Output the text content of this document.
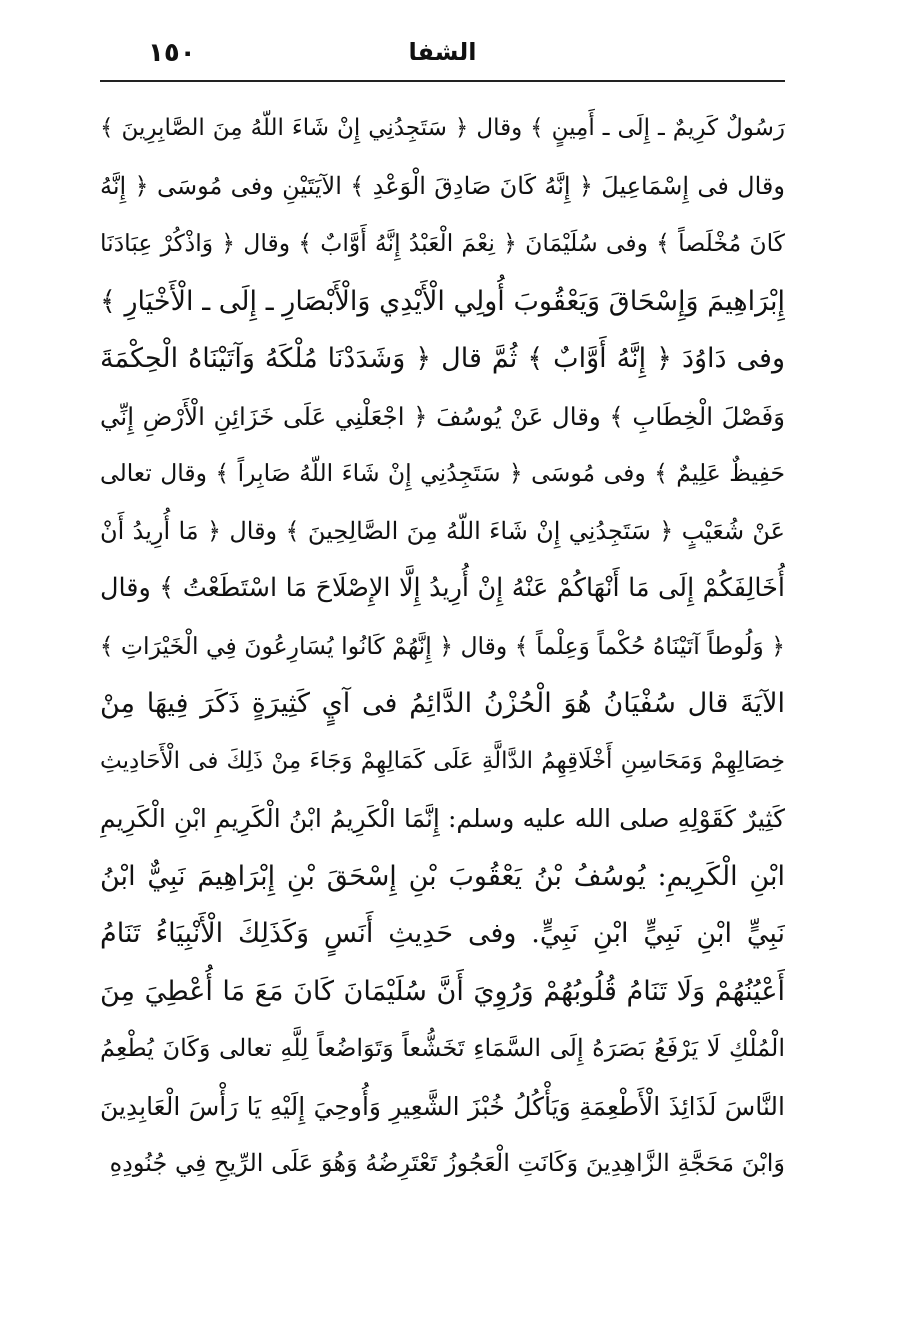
١٥٠	الشفا
رَسُولٌ كَرِيمٌ ـ إِلَى ـ أَمِينٍ ﴾ وقال ﴿ سَتَجِدُنِي إِنْ شَاءَ اللّهُ مِنَ الصَّابِرِينَ ﴾
وقال فى إِسْمَاعِيلَ ﴿ إِنَّهُ كَانَ صَادِقَ الْوَعْدِ ﴾ الآيَتَيْنِ وفى مُوسَى ﴿ إِنَّهُ
كَانَ مُخْلَصاً ﴾ وفى سُلَيْمَانَ ﴿ نِعْمَ الْعَبْدُ إِنَّهُ أَوَّابٌ ﴾ وقال ﴿ وَاذْكُرْ عِبَادَنَا
إِبْرَاهِيمَ وَإِسْحَاقَ وَيَعْقُوبَ أُولِي الْأَيْدِي وَالْأَبْصَارِ ـ إِلَى ـ الْأَخْيَارِ ﴾
وفى دَاوُدَ ﴿ إِنَّهُ أَوَّابٌ ﴾ ثُمَّ قال ﴿ وَشَدَدْنَا مُلْكَهُ وَآتَيْنَاهُ الْحِكْمَةَ
وَفَصْلَ الْخِطَابِ ﴾ وقال عَنْ يُوسُفَ ﴿ اجْعَلْنِي عَلَى خَزَائِنِ الْأَرْضِ إِنِّي
حَفِيظٌ عَلِيمٌ ﴾ وفى مُوسَى ﴿ سَتَجِدُنِي إِنْ شَاءَ اللّهُ صَابِراً ﴾ وقال تعالى
عَنْ شُعَيْبٍ ﴿ سَتَجِدُنِي إِنْ شَاءَ اللّهُ مِنَ الصَّالِحِينَ ﴾ وقال ﴿ مَا أُرِيدُ أَنْ
أُخَالِفَكُمْ إِلَى مَا أَنْهَاكُمْ عَنْهُ إِنْ أُرِيدُ إِلَّا الإِصْلَاحَ مَا اسْتَطَعْتُ ﴾ وقال
﴿ وَلُوطاً آتَيْنَاهُ حُكْماً وَعِلْماً ﴾ وقال ﴿ إِنَّهُمْ كَانُوا يُسَارِعُونَ فِي الْخَيْرَاتِ ﴾
الآيَةَ قال سُفْيَانُ هُوَ الْحُزْنُ الدَّائِمُ فى آيٍ كَثِيرَةٍ ذَكَرَ فِيهَا مِنْ
خِصَالِهِمْ وَمَحَاسِنِ أَخْلَاقِهِمُ الدَّالَّةِ عَلَى كَمَالِهِمْ وَجَاءَ مِنْ ذَلِكَ فى الْأَحَادِيثِ
كَثِيرٌ كَقَوْلِهِ صلى الله عليه وسلم: إِنَّمَا الْكَرِيمُ ابْنُ الْكَرِيمِ ابْنِ الْكَرِيمِ
ابْنِ الْكَرِيمِ: يُوسُفُ بْنُ يَعْقُوبَ بْنِ إِسْحَقَ بْنِ إِبْرَاهِيمَ نَبِيٌّ ابْنُ
نَبِيٍّ ابْنِ نَبِيٍّ ابْنِ نَبِيٍّ. وفى حَدِيثِ أَنَسٍ وَكَذَلِكَ الْأَنْبِيَاءُ تَنَامُ
أَعْيُنُهُمْ وَلَا تَنَامُ قُلُوبُهُمْ وَرُوِيَ أَنَّ سُلَيْمَانَ كَانَ مَعَ مَا أُعْطِيَ مِنَ
الْمُلْكِ لَا يَرْفَعُ بَصَرَهُ إِلَى السَّمَاءِ تَخَشُّعاً وَتَوَاضُعاً لِلَّهِ تعالى وَكَانَ يُطْعِمُ
النَّاسَ لَذَائِذَ الْأَطْعِمَةِ وَيَأْكُلُ خُبْزَ الشَّعِيرِ وَأُوحِيَ إِلَيْهِ يَا رَأْسَ الْعَابِدِينَ
وَابْنَ مَحَجَّةِ الزَّاهِدِينَ وَكَانَتِ الْعَجُوزُ تَعْتَرِضُهُ وَهُوَ عَلَى الرِّيحِ فِي جُنُودِهِ
